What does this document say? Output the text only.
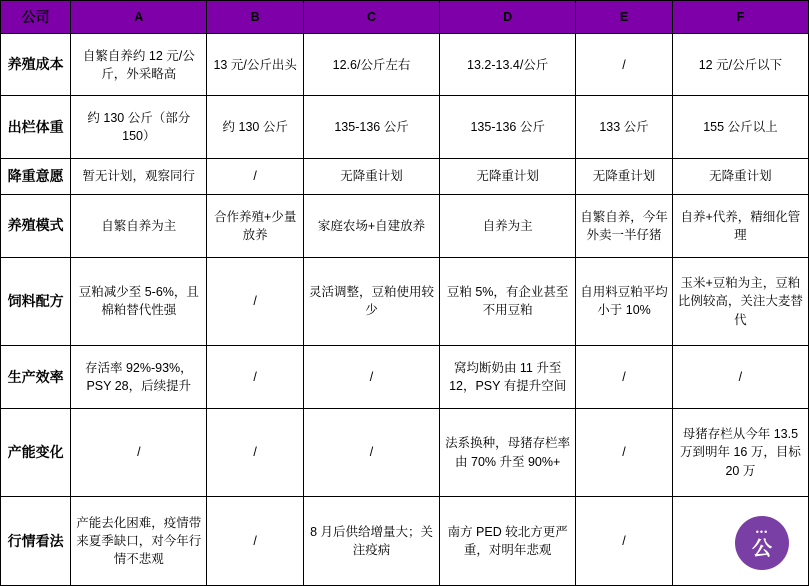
公司	A	B	C	D	E	F
养殖成本	自繁自养约 12 元/公斤，外采略高	13 元/公斤出头	12.6/公斤左右	13.2-13.4/公斤	/	12 元/公斤以下
出栏体重	约 130 公斤（部分 150）	约 130 公斤	135-136 公斤	135-136 公斤	133 公斤	155 公斤以上
降重意愿	暂无计划，观察同行	/	无降重计划	无降重计划	无降重计划	无降重计划
养殖模式	自繁自养为主	合作养殖+少量放养	家庭农场+自建放养	自养为主	自繁自养，今年外卖一半仔猪	自养+代养，精细化管理
饲料配方	豆粕减少至 5-6%，且棉粕替代性强	/	灵活调整，豆粕使用较少	豆粕 5%，有企业甚至不用豆粕	自用料豆粕平均小于 10%	玉米+豆粕为主，豆粕比例较高，关注大麦替代
生产效率	存活率 92%-93%，PSY 28，后续提升	/	/	窝均断奶由 11 升至 12，PSY 有提升空间	/	/
产能变化	/	/	/	法系换种，母猪存栏率由 70% 升至 90%+	/	母猪存栏从今年 13.5 万到明年 16 万，目标 20 万
行情看法	产能去化困难，疫情带来夏季缺口，对今年行情不悲观	/	8 月后供给增量大；关注疫病	南方 PED 较北方更严重，对明年悲观	/	
•••
公
